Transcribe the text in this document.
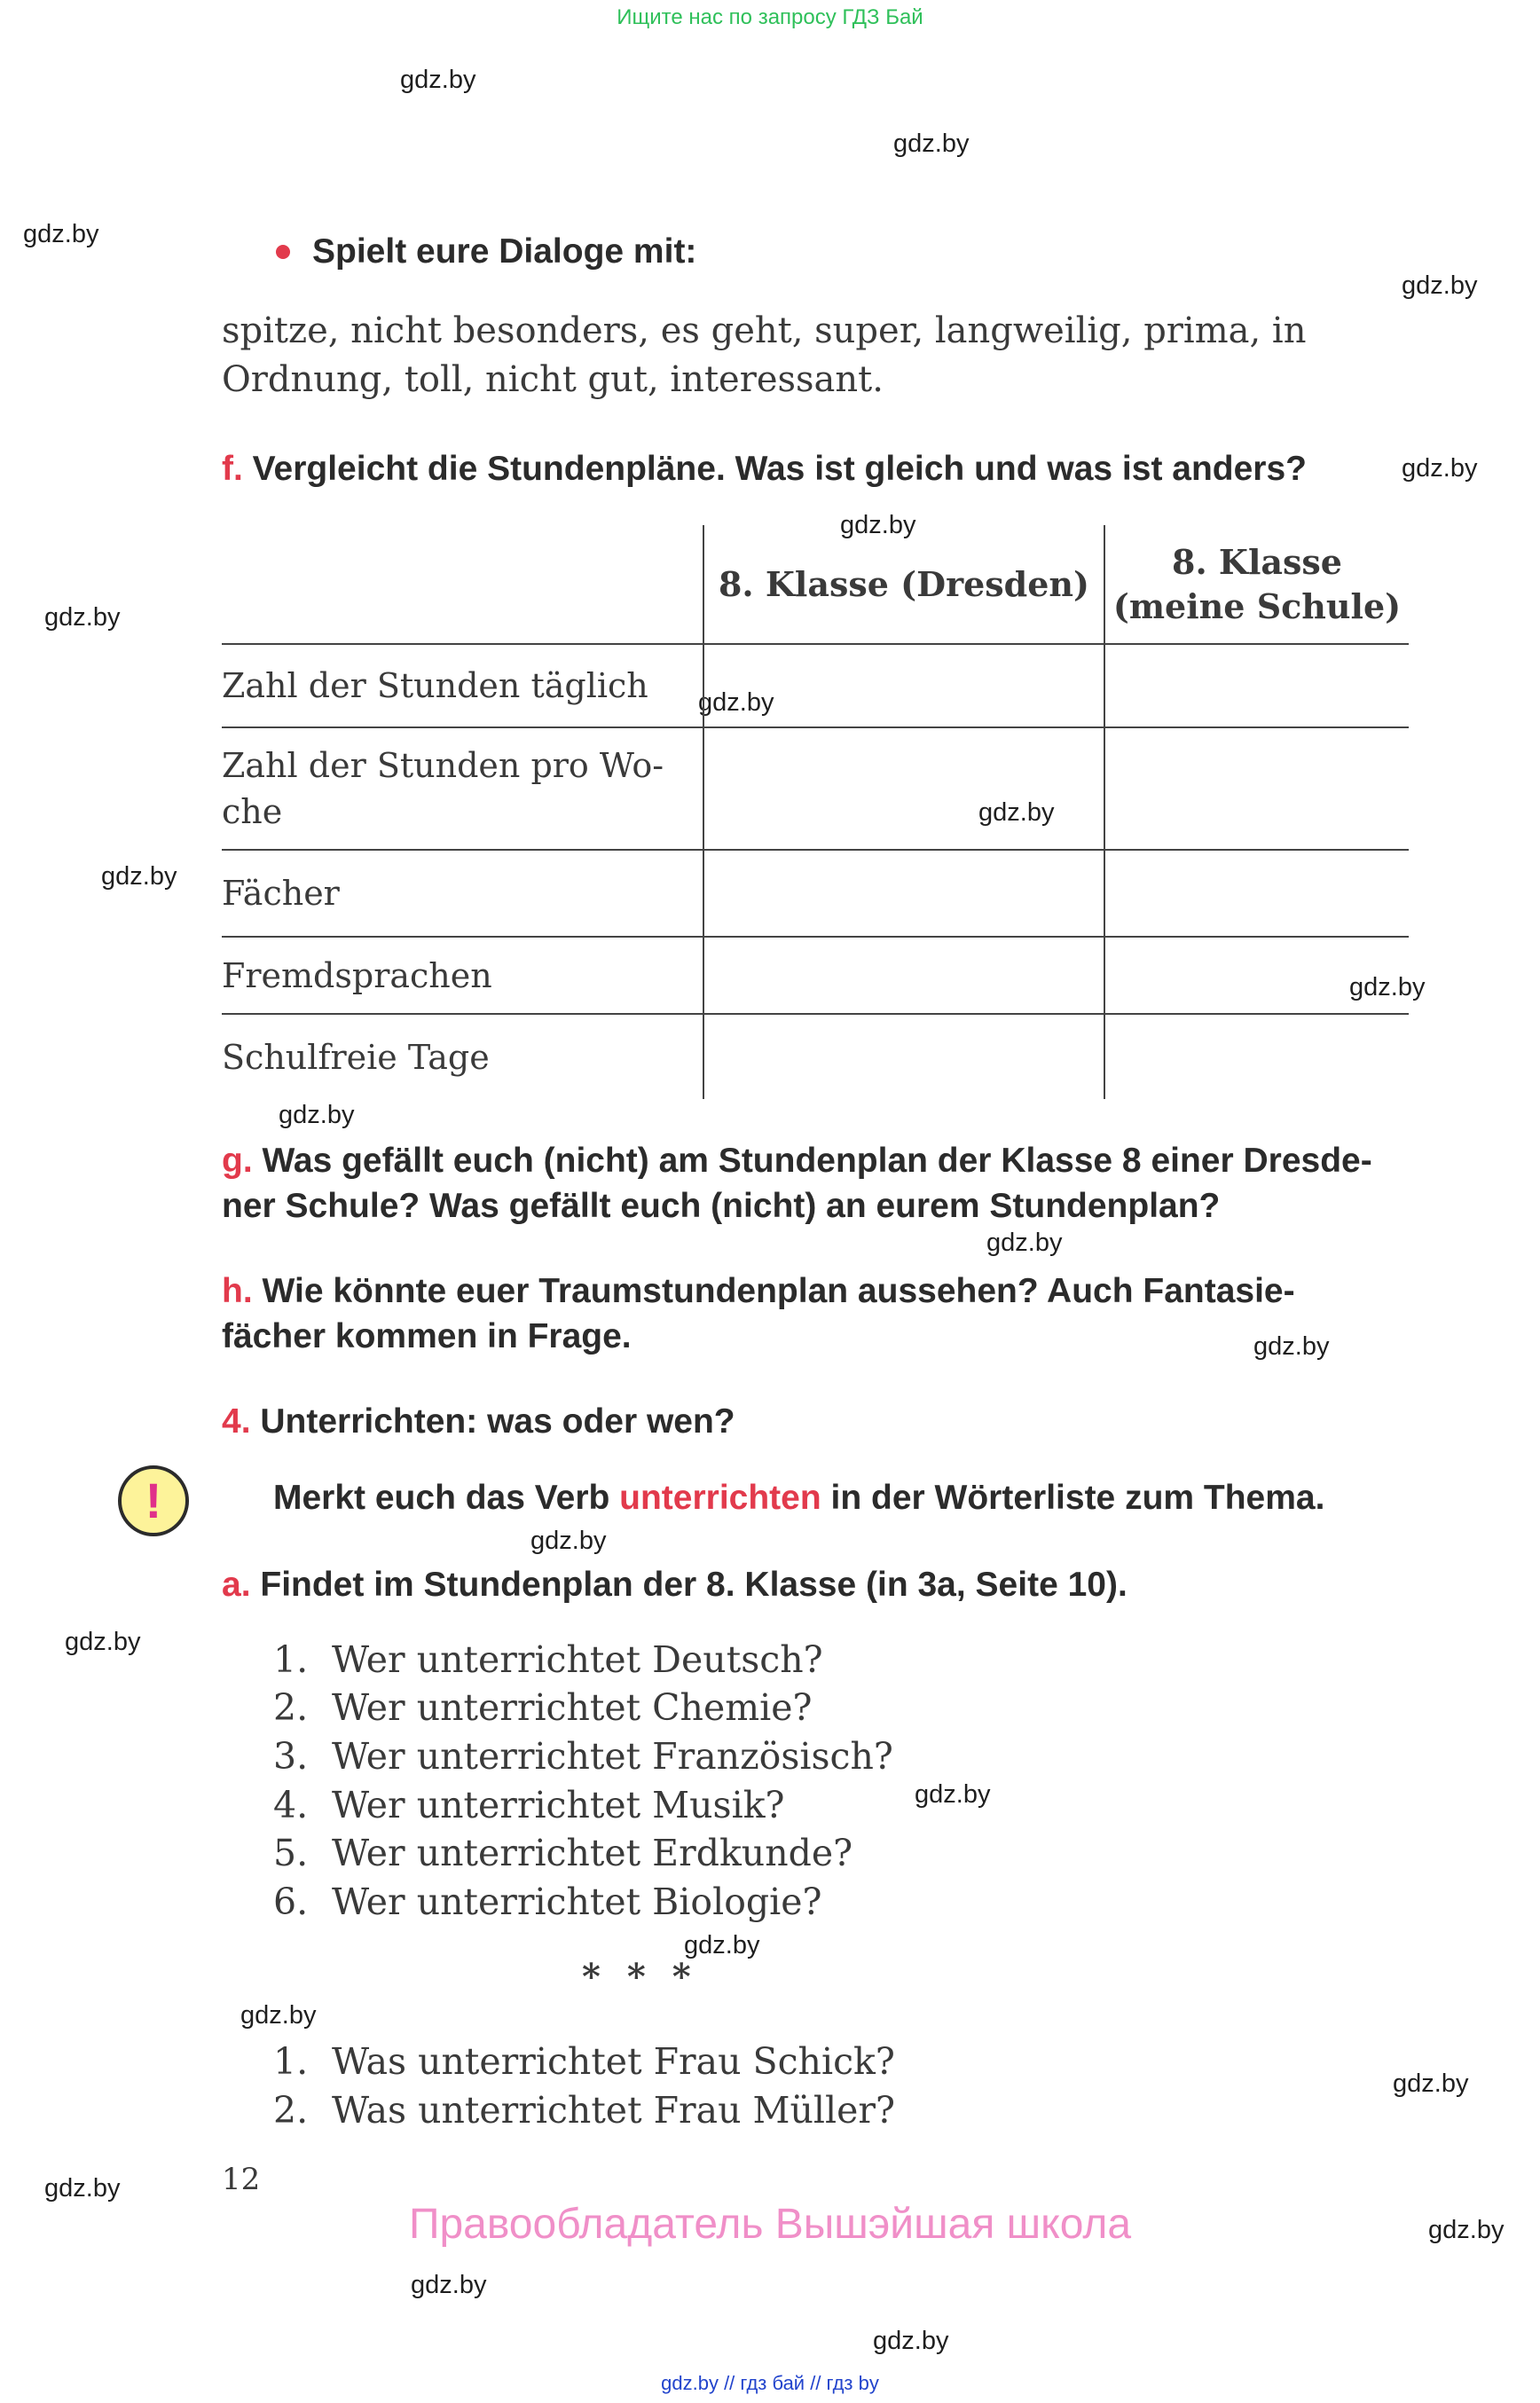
Ищите нас по запросу ГДЗ Бай
gdz.by
gdz.by
gdz.by
gdz.by
gdz.by
gdz.by
gdz.by
gdz.by
gdz.by
gdz.by
gdz.by
gdz.by
gdz.by
gdz.by
gdz.by
gdz.by
gdz.by
gdz.by
gdz.by
gdz.by
gdz.by
gdz.by
gdz.by
gdz.by
Spielt eure Dialoge mit:
spitze, nicht besonders, es geht, super, langweilig, prima, in
Ordnung, toll, nicht gut, interessant.
f. Vergleicht die Stundenpläne. Was ist gleich und was ist anders?
	8. Klasse (Dresden)	8. Klasse
(meine Schule)

Zahl der Stunden täglich		

Zahl der Stunden pro Wo-
che		

Fächer		

Fremdsprachen		

Schulfreie Tage		

g. Was gefällt euch (nicht) am Stundenplan der Klasse 8 einer Dresde-
ner Schule? Was gefällt euch (nicht) an eurem Stundenplan?
h. Wie könnte euer Traumstundenplan aussehen? Auch Fantasie-
fächer kommen in Frage.
4. Unterrichten: was oder wen?
!	Merkt euch das Verb unterrichten in der Wörterliste zum Thema.
a. Findet im Stundenplan der 8. Klasse (in 3a, Seite 10).
1. Wer unterrichtet Deutsch?
2. Wer unterrichtet Chemie?
3. Wer unterrichtet Französisch?
4. Wer unterrichtet Musik?
5. Wer unterrichtet Erdkunde?
6. Wer unterrichtet Biologie?
* * *
1. Was unterrichtet Frau Schick?
2. Was unterrichtet Frau Müller?
12
Правообладатель Вышэйшая школа
gdz.by // гдз бай // гдз by
